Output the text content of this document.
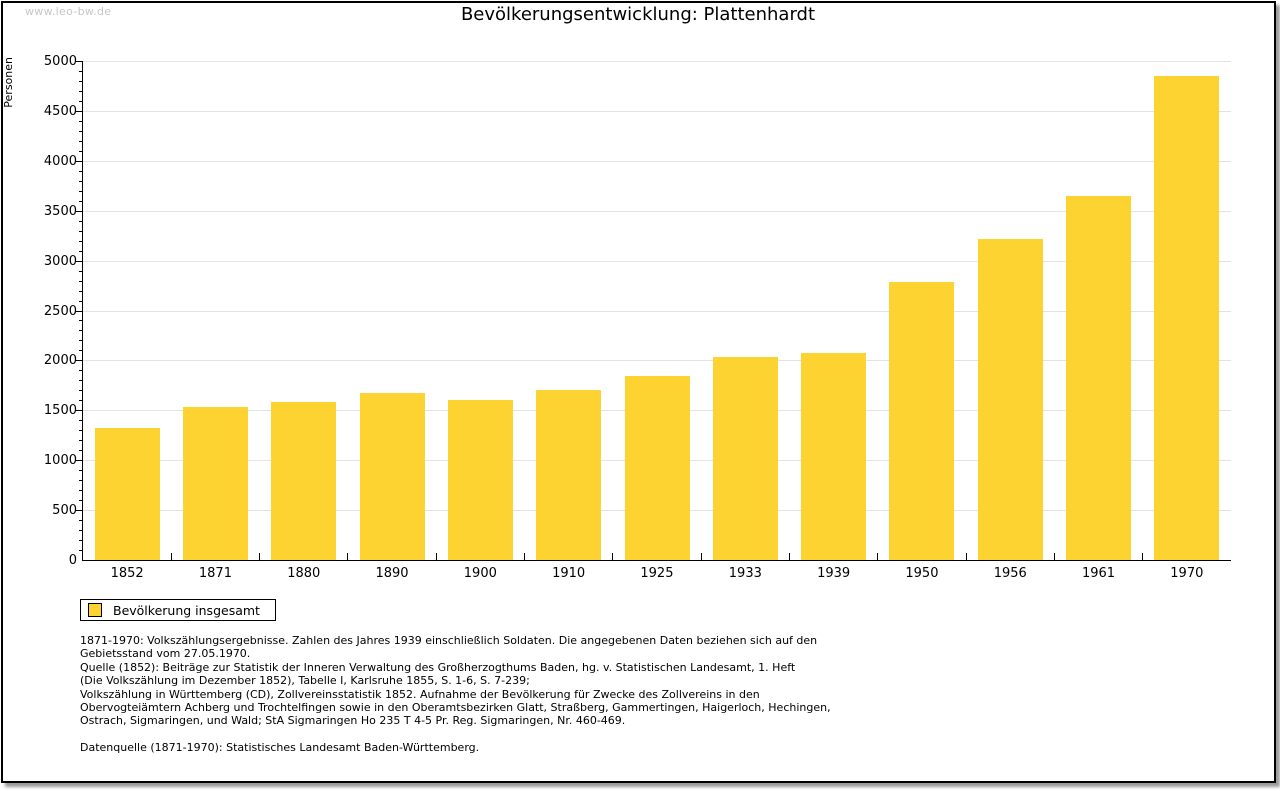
www.leo-bw.de	Bevölkerungsentwicklung: Plattenhardt
Personen
0
500
1000
1500
2000
2500
3000
3500
4000
4500
5000
1852	1871	1880	1890	1900	1910	1925	1933	1939	1950	1956	1961	1970
Bevölkerung insgesamt
1871-1970: Volkszählungsergebnisse. Zahlen des Jahres 1939 einschließlich Soldaten. Die angegebenen Daten beziehen sich auf den
Gebietsstand vom 27.05.1970.
Quelle (1852): Beiträge zur Statistik der Inneren Verwaltung des Großherzogthums Baden, hg. v. Statistischen Landesamt, 1. Heft
(Die Volkszählung im Dezember 1852), Tabelle I, Karlsruhe 1855, S. 1-6, S. 7-239;
Volkszählung in Württemberg (CD), Zollvereinsstatistik 1852. Aufnahme der Bevölkerung für Zwecke des Zollvereins in den
Obervogteiämtern Achberg und Trochtelfingen sowie in den Oberamtsbezirken Glatt, Straßberg, Gammertingen, Haigerloch, Hechingen,
Ostrach, Sigmaringen, und Wald; StA Sigmaringen Ho 235 T 4-5 Pr. Reg. Sigmaringen, Nr. 460-469.
Datenquelle (1871-1970): Statistisches Landesamt Baden-Württemberg.
